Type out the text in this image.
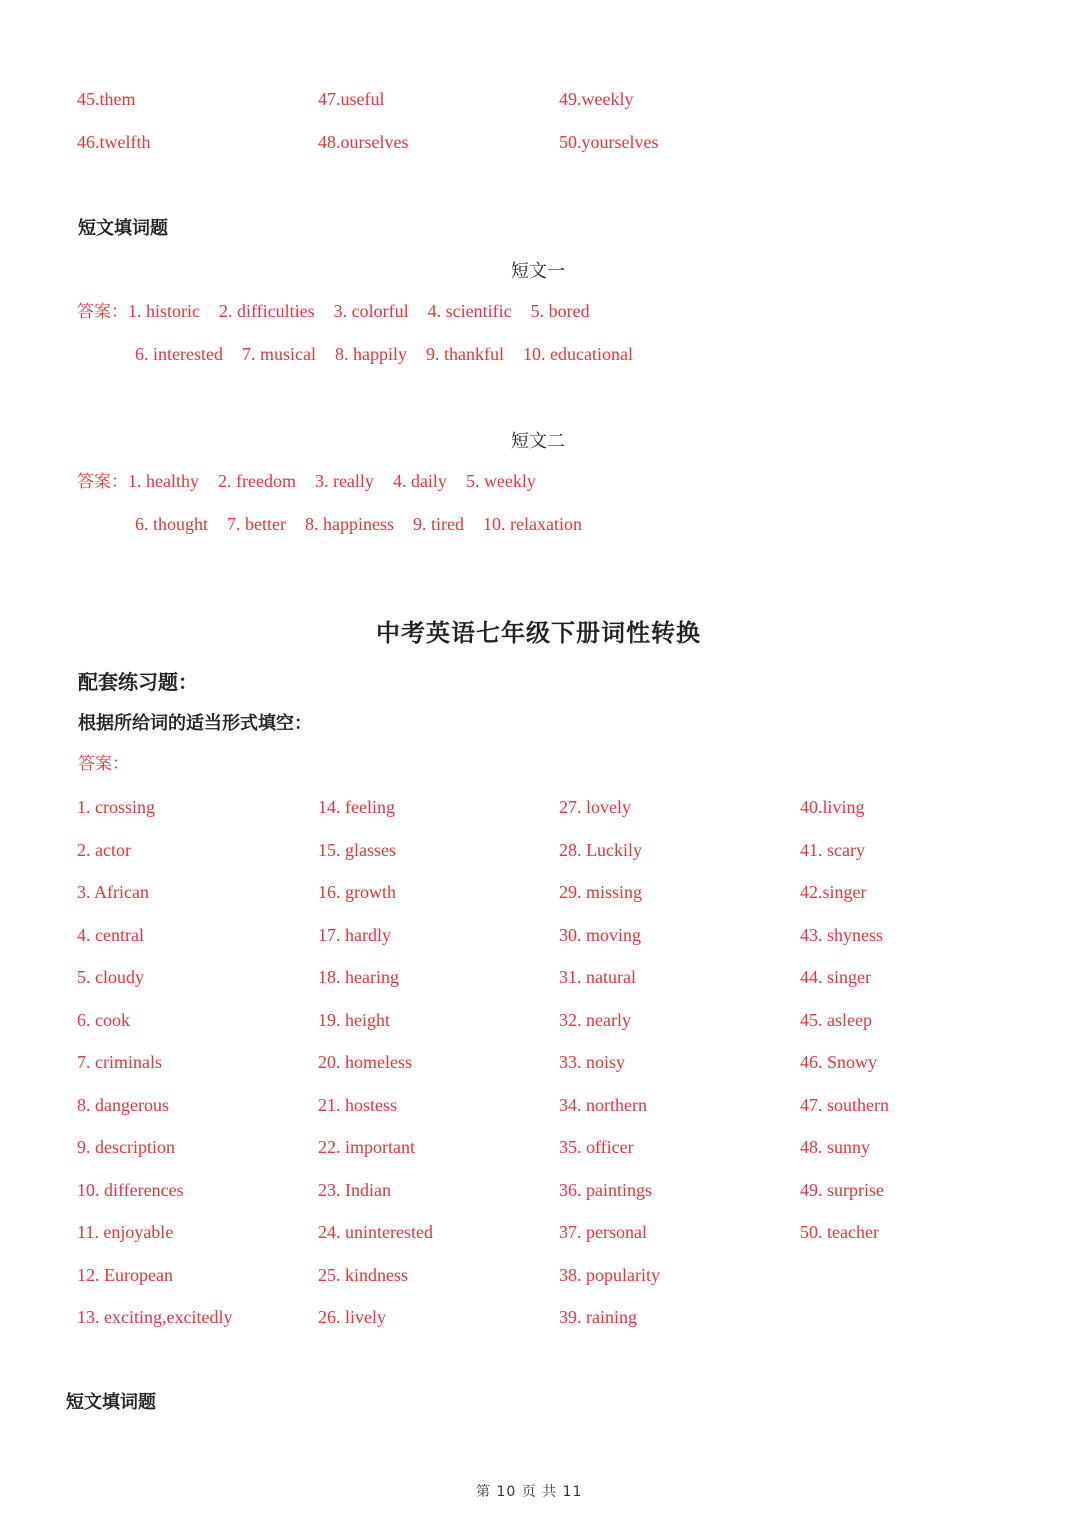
45.them
46.twelfth
47.useful
48.ourselves
49.weekly
50.yourselves
短文填词题
短文一
答案：1. historic 2. difficulties 3. colorful 4. scientific 5. bored
6. interested 7. musical 8. happily 9. thankful 10. educational
短文二
答案：1. healthy 2. freedom 3. really 4. daily 5. weekly
6. thought 7. better 8. happiness 9. tired 10. relaxation
中考英语七年级下册词性转换
配套练习题：
根据所给词的适当形式填空：
答案：
1. crossing
2. actor
3. African
4. central
5. cloudy
6. cook
7. criminals
8. dangerous
9. description
10. differences
11. enjoyable
12. European
13. exciting,excitedly
14. feeling
15. glasses
16. growth
17. hardly
18. hearing
19. height
20. homeless
21. hostess
22. important
23. Indian
24. uninterested
25. kindness
26. lively
27. lovely
28. Luckily
29. missing
30. moving
31. natural
32. nearly
33. noisy
34. northern
35. officer
36. paintings
37. personal
38. popularity
39. raining
40.living
41. scary
42.singer
43. shyness
44. singer
45. asleep
46. Snowy
47. southern
48. sunny
49. surprise
50. teacher
短文填词题
第 10 页 共 11
